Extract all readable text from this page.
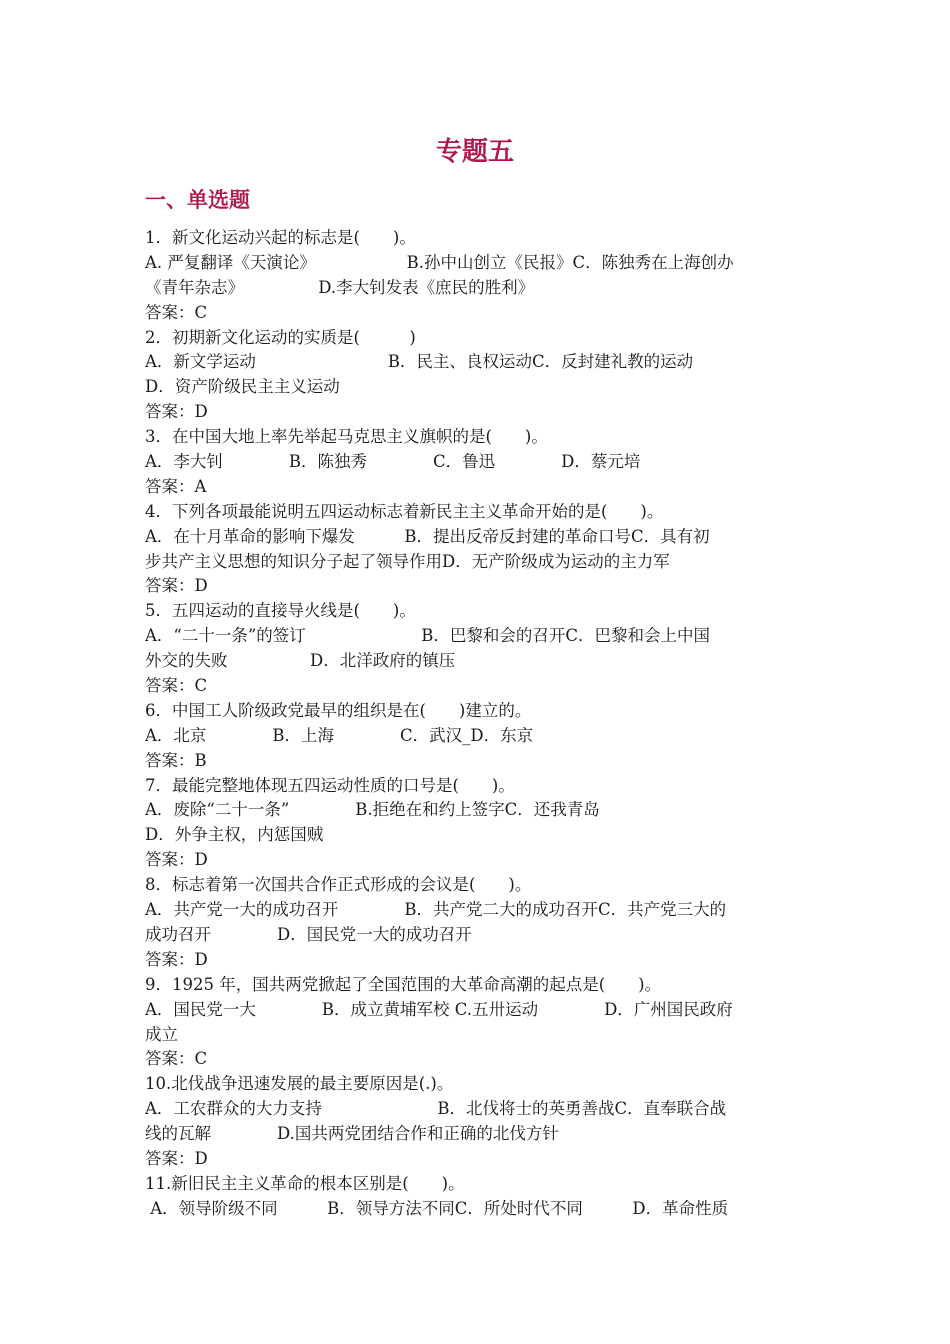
专题五
一、单选题
1．新文化运动兴起的标志是(　　)。
A. 严复翻译《天演论》　　　　　　B.孙中山创立《民报》C．陈独秀在上海创办
《青年杂志》　　　　　D.李大钊发表《庶民的胜利》
答案：C
2．初期新文化运动的实质是(　　　)
A．新文学运动　　　　　　　　B．民主、良权运动C．反封建礼教的运动
D．资产阶级民主主义运动
答案：D
3．在中国大地上率先举起马克思主义旗帜的是(　　)。
A．李大钊　　　　B．陈独秀　　　　C．鲁迅　　　　D．蔡元培
答案：A
4．下列各项最能说明五四运动标志着新民主主义革命开始的是(　　)。
A．在十月革命的影响下爆发　　　B．提出反帝反封建的革命口号C．具有初
步共产主义思想的知识分子起了领导作用D．无产阶级成为运动的主力军
答案：D
5．五四运动的直接导火线是(　　)。
A．“二十一条”的签订　　　　　　　B．巴黎和会的召开C．巴黎和会上中国
外交的失败　　　　　D．北洋政府的镇压
答案：C
6．中国工人阶级政党最早的组织是在(　　)建立的。
A．北京　　　　B．上海　　　　C．武汉_D．东京
答案：B
7．最能完整地体现五四运动性质的口号是(　　)。
A．废除“二十一条”　　　　B.拒绝在和约上签字C．还我青岛
D．外争主权，内惩国贼
答案：D
8．标志着第一次国共合作正式形成的会议是(　　)。
A．共产党一大的成功召开　　　　B．共产党二大的成功召开C．共产党三大的
成功召开　　　　D．国民党一大的成功召开
答案：D
9．1925 年，国共两党掀起了全国范围的大革命高潮的起点是(　　)。
A．国民党一大　　　　B．成立黄埔军校 C.五卅运动　　　　D．广州国民政府
成立
答案：C
10.北伐战争迅速发展的最主要原因是(.)。
A．工农群众的大力支持　　　　　　　B．北伐将士的英勇善战C．直奉联合战
线的瓦解　　　　D.国共两党团结合作和正确的北伐方针
答案：D
11.新旧民主主义革命的根本区别是(　　)。
A．领导阶级不同　　　B．领导方法不同C．所处时代不同　　　D．革命性质
